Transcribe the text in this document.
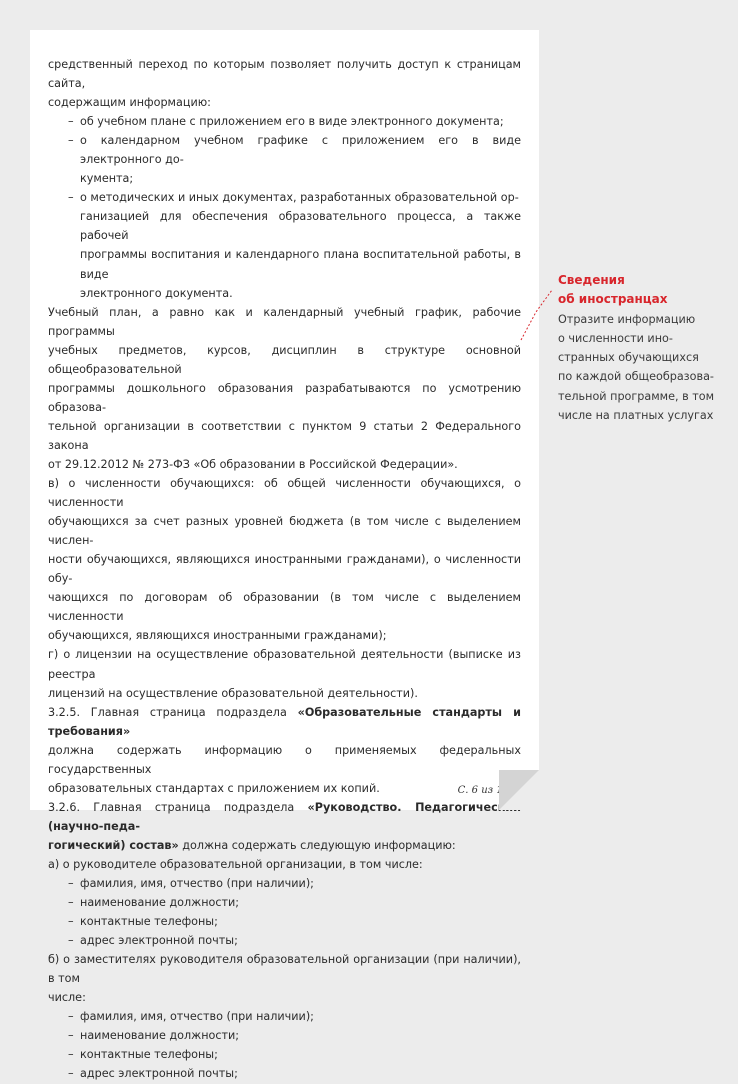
средственный переход по которым позволяет получить доступ к страницам сайта,
содержащим информацию:
– об учебном плане с приложением его в виде электронного документа;
– о календарном учебном графике с приложением его в виде электронного до-
кумента;
– о методических и иных документах, разработанных образовательной ор-
ганизацией для обеспечения образовательного процесса, а также рабочей
программы воспитания и календарного плана воспитательной работы, в виде
электронного документа.
Учебный план, а равно как и календарный учебный график, рабочие программы
учебных предметов, курсов, дисциплин в структуре основной общеобразовательной
программы дошкольного образования разрабатываются по усмотрению образова-
тельной организации в соответствии с пунктом 9 статьи 2 Федерального закона
от 29.12.2012 № 273-ФЗ «Об образовании в Российской Федерации».
в) о численности обучающихся: об общей численности обучающихся, о численности
обучающихся за счет разных уровней бюджета (в том числе с выделением числен-
ности обучающихся, являющихся иностранными гражданами), о численности обу-
чающихся по договорам об образовании (в том числе с выделением численности
обучающихся, являющихся иностранными гражданами);
г) о лицензии на осуществление образовательной деятельности (выписке из реестра
лицензий на осуществление образовательной деятельности).
3.2.5. Главная страница подраздела «Образовательные стандарты и требования»
должна содержать информацию о применяемых федеральных государственных
образовательных стандартах с приложением их копий.
3.2.6. Главная страница подраздела «Руководство. Педагогический (научно-педа-
гогический) состав» должна содержать следующую информацию:
а) о руководителе образовательной организации, в том числе:
– фамилия, имя, отчество (при наличии);
– наименование должности;
– контактные телефоны;
– адрес электронной почты;
б) о заместителях руководителя образовательной организации (при наличии), в том
числе:
– фамилия, имя, отчество (при наличии);
– наименование должности;
– контактные телефоны;
– адрес электронной почты;
С. 6 из 10
Сведения
об иностранцах
Отразите информацию
о численности ино-
странных обучающихся
по каждой общеобразова-
тельной программе, в том
числе на платных услугах
